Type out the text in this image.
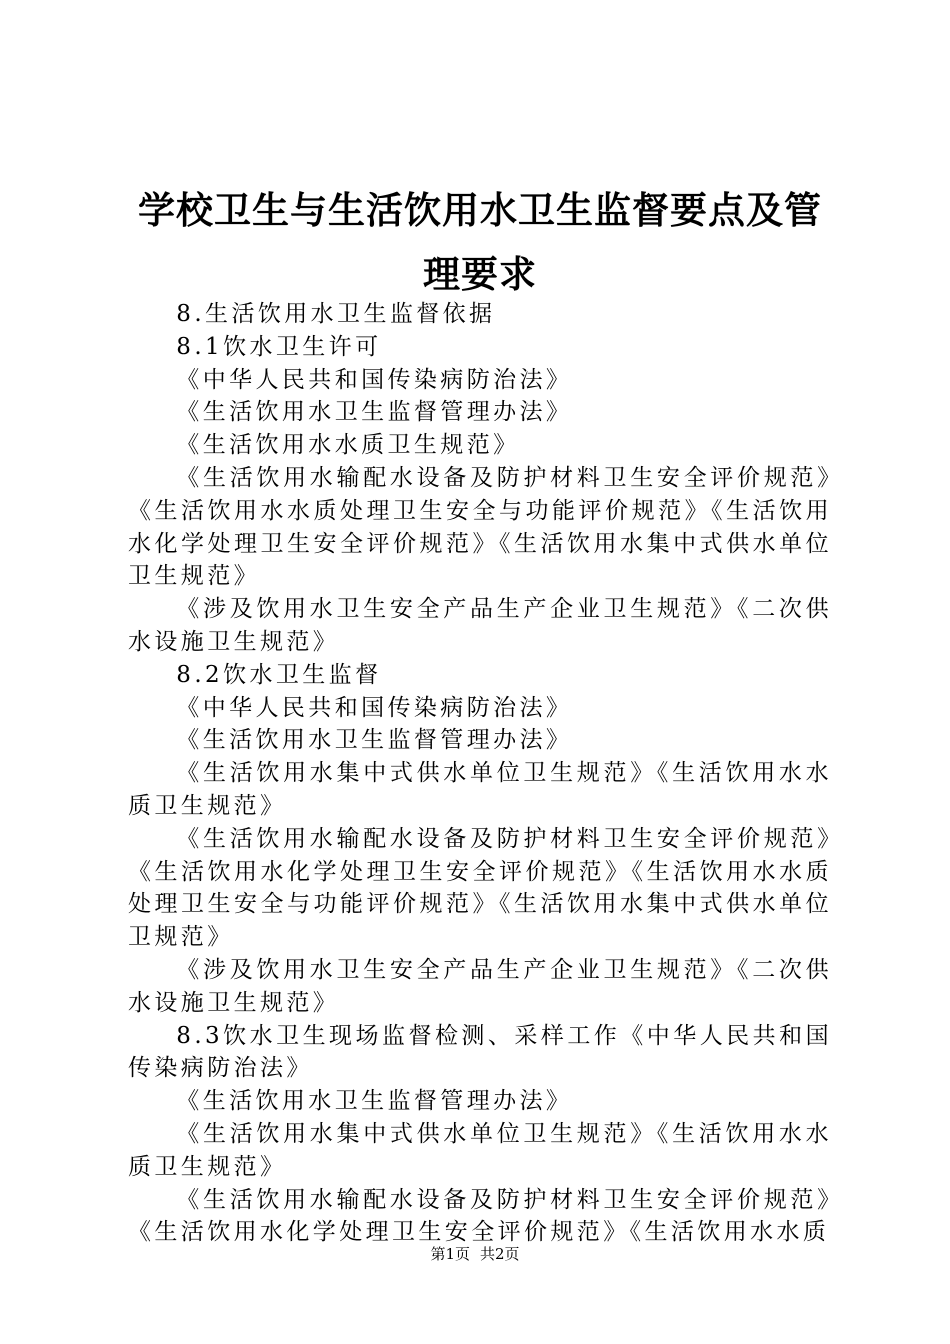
学校卫生与生活饮用水卫生监督要点及管理要求

8.生活饮用水卫生监督依据

8.1饮水卫生许可

《中华人民共和国传染病防治法》

《生活饮用水卫生监督管理办法》

《生活饮用水水质卫生规范》

《生活饮用水输配水设备及防护材料卫生安全评价规范》《生活饮用水水质处理卫生安全与功能评价规范》《生活饮用水化学处理卫生安全评价规范》《生活饮用水集中式供水单位卫生规范》

《涉及饮用水卫生安全产品生产企业卫生规范》《二次供水设施卫生规范》

8.2饮水卫生监督

《中华人民共和国传染病防治法》

《生活饮用水卫生监督管理办法》

《生活饮用水集中式供水单位卫生规范》《生活饮用水水质卫生规范》

《生活饮用水输配水设备及防护材料卫生安全评价规范》《生活饮用水化学处理卫生安全评价规范》《生活饮用水水质处理卫生安全与功能评价规范》《生活饮用水集中式供水单位卫规范》

《涉及饮用水卫生安全产品生产企业卫生规范》《二次供水设施卫生规范》

8.3饮水卫生现场监督检测、采样工作《中华人民共和国传染病防治法》

《生活饮用水卫生监督管理办法》

《生活饮用水集中式供水单位卫生规范》《生活饮用水水质卫生规范》

《生活饮用水输配水设备及防护材料卫生安全评价规范》《生活饮用水化学处理卫生安全评价规范》《生活饮用水水质

第1页 共2页
